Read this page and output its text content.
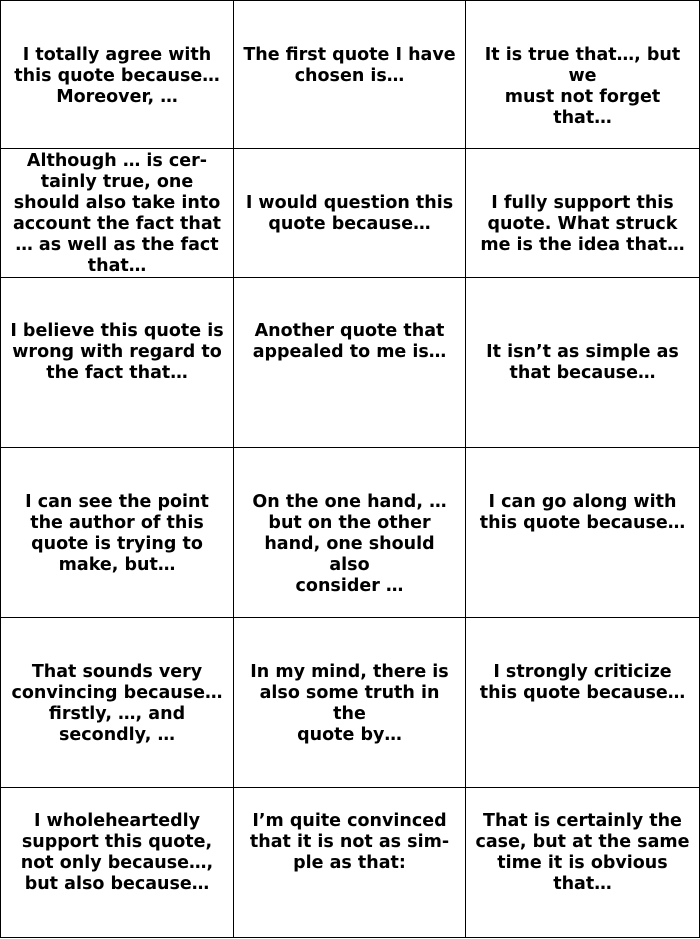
I totally agree with
this quote because…
Moreover, …

The first quote I have
chosen is…

It is true that…, but
we
must not forget
that…

Although … is cer-
tainly true, one
should also take into
account the fact that
… as well as the fact
that…

I would question this
quote because…

I fully support this
quote. What struck
me is the idea that…

I believe this quote is
wrong with regard to
the fact that…

Another quote that
appealed to me is… It isn’t as simple as
that because…

I can see the point
the author of this
quote is trying to
make, but…

On the one hand, …
but on the other
hand, one should also
consider …

I can go along with
this quote because…

That sounds very
convincing because…
firstly, …, and
secondly, …

In my mind, there is
also some truth in the
quote by…

I strongly criticize
this quote because…

I wholeheartedly
support this quote,
not only because…,
but also because…

I’m quite convinced
that it is not as sim-
ple as that:

That is certainly the
case, but at the same
time it is obvious
that…
